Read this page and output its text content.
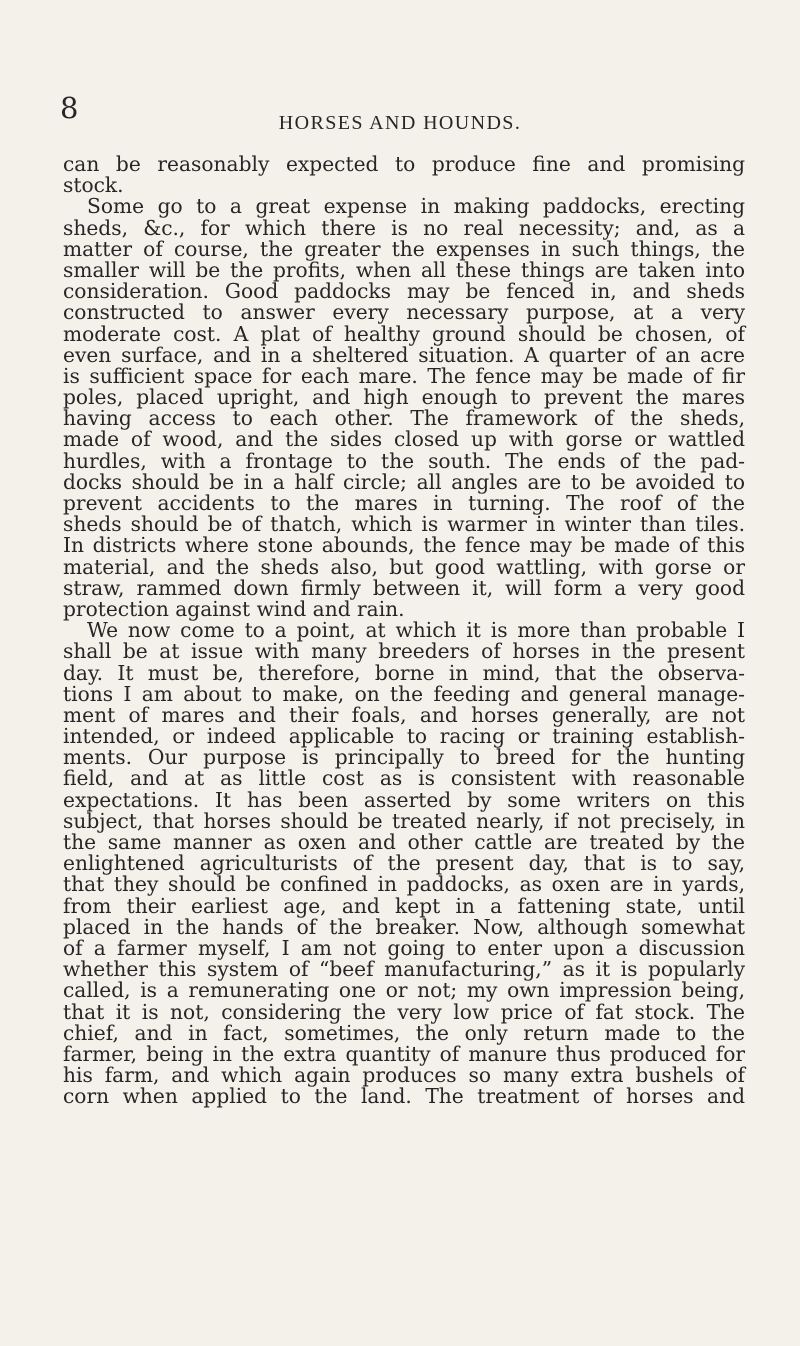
8	HORSES AND HOUNDS.
can be reasonably expected to produce fine and promising
stock.
Some go to a great expense in making paddocks, erecting
sheds, &c., for which there is no real necessity; and, as a
matter of course, the greater the expenses in such things, the
smaller will be the profits, when all these things are taken into
consideration. Good paddocks may be fenced in, and sheds
constructed to answer every necessary purpose, at a very
moderate cost. A plat of healthy ground should be chosen, of
even surface, and in a sheltered situation. A quarter of an acre
is sufficient space for each mare. The fence may be made of fir
poles, placed upright, and high enough to prevent the mares
having access to each other. The framework of the sheds,
made of wood, and the sides closed up with gorse or wattled
hurdles, with a frontage to the south. The ends of the pad-
docks should be in a half circle; all angles are to be avoided to
prevent accidents to the mares in turning. The roof of the
sheds should be of thatch, which is warmer in winter than tiles.
In districts where stone abounds, the fence may be made of this
material, and the sheds also, but good wattling, with gorse or
straw, rammed down firmly between it, will form a very good
protection against wind and rain.
We now come to a point, at which it is more than probable I
shall be at issue with many breeders of horses in the present
day. It must be, therefore, borne in mind, that the observa-
tions I am about to make, on the feeding and general manage-
ment of mares and their foals, and horses generally, are not
intended, or indeed applicable to racing or training establish-
ments. Our purpose is principally to breed for the hunting
field, and at as little cost as is consistent with reasonable
expectations. It has been asserted by some writers on this
subject, that horses should be treated nearly, if not precisely, in
the same manner as oxen and other cattle are treated by the
enlightened agriculturists of the present day, that is to say,
that they should be confined in paddocks, as oxen are in yards,
from their earliest age, and kept in a fattening state, until
placed in the hands of the breaker. Now, although somewhat
of a farmer myself, I am not going to enter upon a discussion
whether this system of “beef manufacturing,” as it is popularly
called, is a remunerating one or not; my own impression being,
that it is not, considering the very low price of fat stock. The
chief, and in fact, sometimes, the only return made to the
farmer, being in the extra quantity of manure thus produced for
his farm, and which again produces so many extra bushels of
corn when applied to the land. The treatment of horses and
